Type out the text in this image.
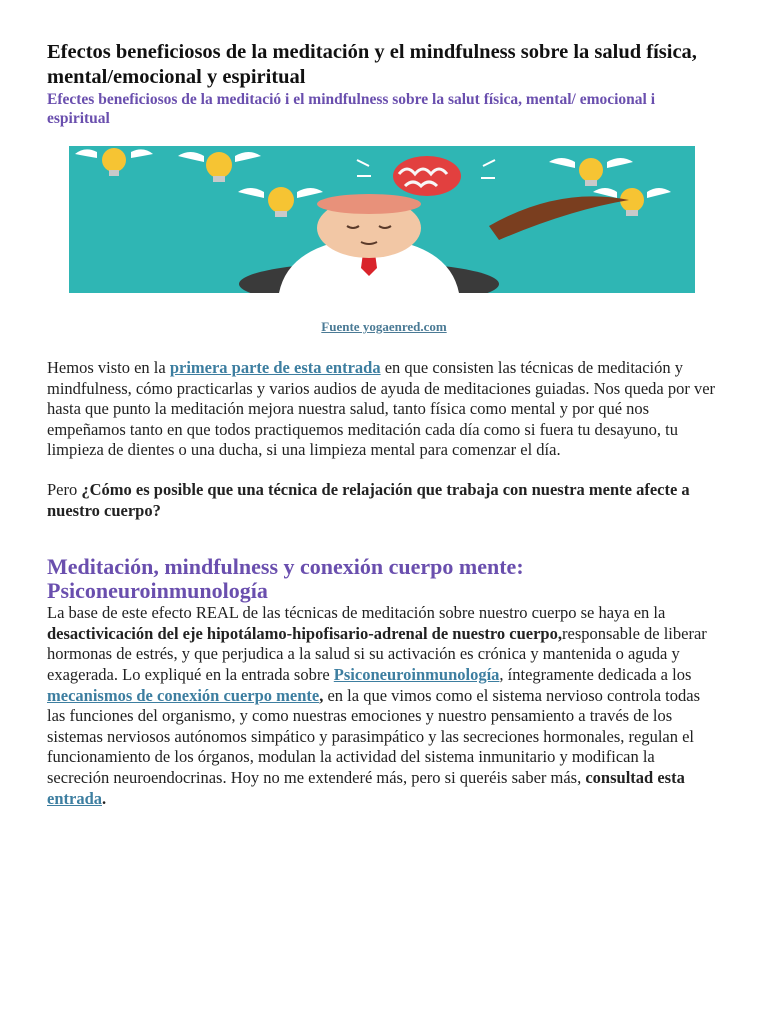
Efectos beneficiosos de la meditación y el mindfulness sobre la salud física, mental/emocional y espiritual
Efectes beneficiosos de la meditació i el mindfulness sobre la salut física, mental/ emocional i espiritual
Fuente yogaenred.com

Hemos visto en la primera parte de esta entrada en que consisten las técnicas de meditación y mindfulness, cómo practicarlas y varios audios de ayuda de meditaciones guiadas. Nos queda por ver hasta que punto la meditación mejora nuestra salud, tanto física como mental y por qué nos empeñamos tanto en que todos practiquemos meditación cada día como si fuera tu desayuno, tu limpieza de dientes o una ducha, si una limpieza mental para comenzar el día.

Pero ¿Cómo es posible que una técnica de relajación que trabaja con nuestra mente afecte a nuestro cuerpo?

Meditación, mindfulness y conexión cuerpo mente: Psiconeuroinmunología

La base de este efecto REAL de las técnicas de meditación sobre nuestro cuerpo se haya en la desactivicación del eje hipotálamo-hipofisario-adrenal de nuestro cuerpo,responsable de liberar hormonas de estrés, y que perjudica a la salud si su activación es crónica y mantenida o aguda y exagerada. Lo expliqué en la entrada sobre Psiconeuroinmunología, íntegramente dedicada a los mecanismos de conexión cuerpo mente, en la que vimos como el sistema nervioso controla todas las funciones del organismo, y como nuestras emociones y nuestro pensamiento a través de los sistemas nerviosos autónomos simpático y parasimpático y las secreciones hormonales, regulan el funcionamiento de los órganos, modulan la actividad del sistema inmunitario y modifican la secreción neuroendocrinas. Hoy no me extenderé más, pero si queréis saber más, consultad esta entrada.
